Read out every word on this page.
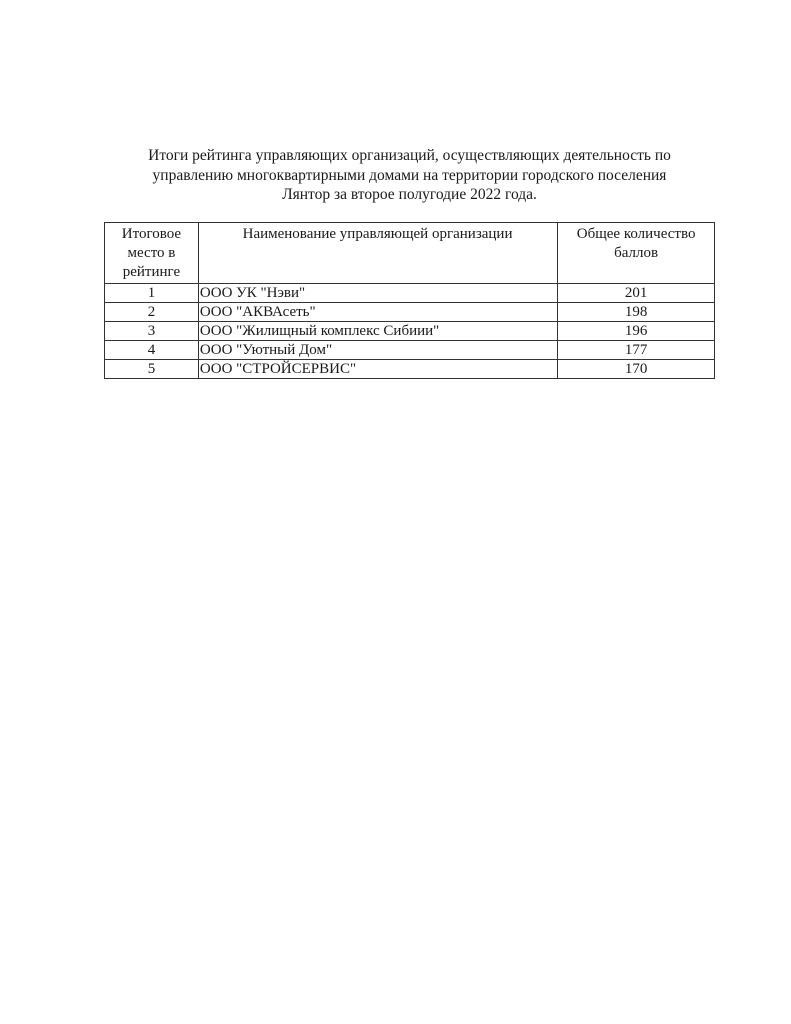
Итоги рейтинга управляющих организаций, осуществляющих деятельность по
управлению многоквартирными домами на территории городского поселения
Лянтор за второе полугодие 2022 года.
Итоговое место в рейтинге	Наименование управляющей организации	Общее количество баллов
1	ООО УК "Нэви"	201
2	ООО "АКВАсеть"	198
3	ООО "Жилищный комплекс Сибиии"	196
4	ООО "Уютный Дом"	177
5	ООО "СТРОЙСЕРВИС"	170
